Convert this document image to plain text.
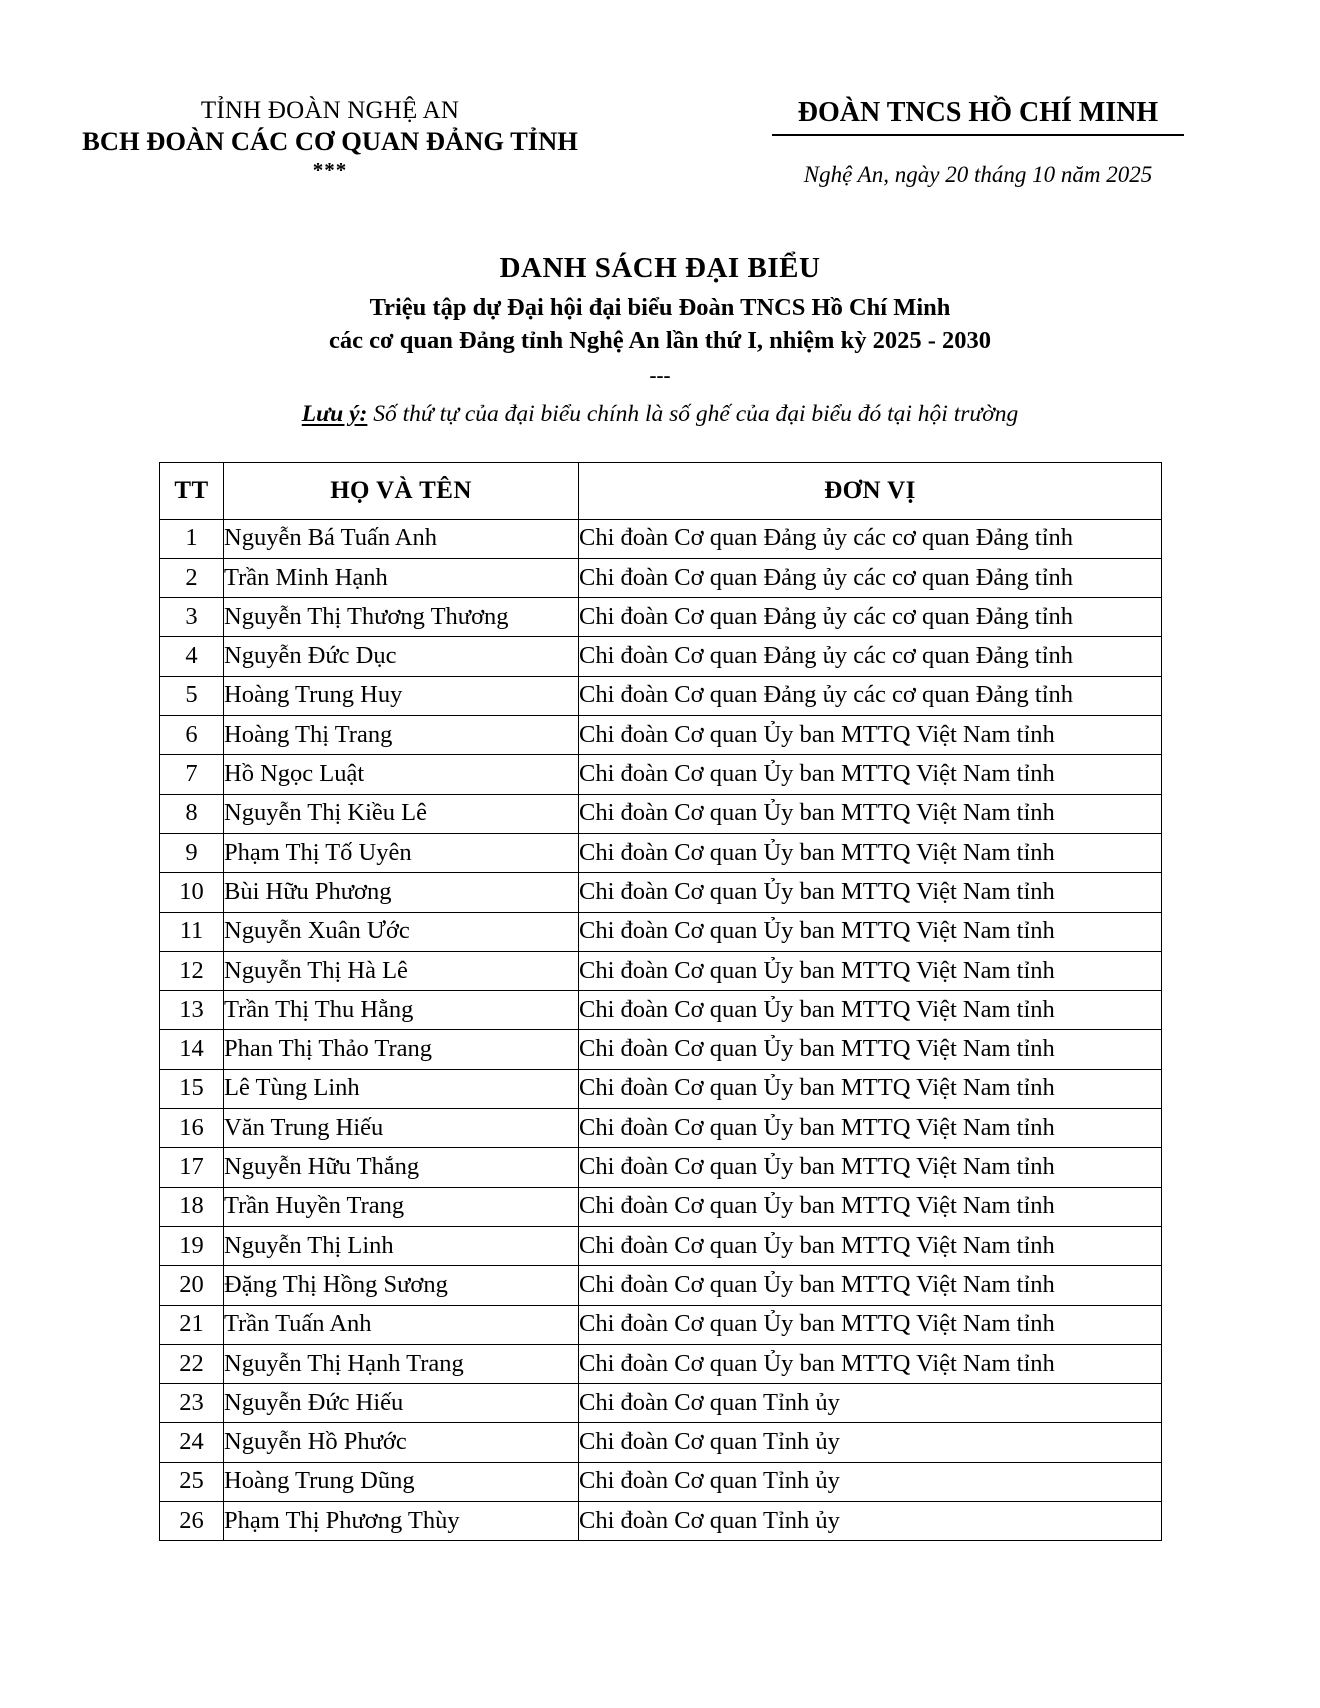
TỈNH ĐOÀN NGHỆ AN
BCH ĐOÀN CÁC CƠ QUAN ĐẢNG TỈNH
***
ĐOÀN TNCS HỒ CHÍ MINH
Nghệ An, ngày 20 tháng 10 năm 2025
DANH SÁCH ĐẠI BIỂU
Triệu tập dự Đại hội đại biểu Đoàn TNCS Hồ Chí Minh
các cơ quan Đảng tỉnh Nghệ An lần thứ I, nhiệm kỳ 2025 - 2030
---
Lưu ý: Số thứ tự của đại biểu chính là số ghế của đại biểu đó tại hội trường
TT	HỌ VÀ TÊN	ĐƠN VỊ
1	Nguyễn Bá Tuấn Anh	Chi đoàn Cơ quan Đảng ủy các cơ quan Đảng tỉnh
2	Trần Minh Hạnh	Chi đoàn Cơ quan Đảng ủy các cơ quan Đảng tỉnh
3	Nguyễn Thị Thương Thương	Chi đoàn Cơ quan Đảng ủy các cơ quan Đảng tỉnh
4	Nguyễn Đức Dục	Chi đoàn Cơ quan Đảng ủy các cơ quan Đảng tỉnh
5	Hoàng Trung Huy	Chi đoàn Cơ quan Đảng ủy các cơ quan Đảng tỉnh
6	Hoàng Thị Trang	Chi đoàn Cơ quan Ủy ban MTTQ Việt Nam tỉnh
7	Hồ Ngọc Luật	Chi đoàn Cơ quan Ủy ban MTTQ Việt Nam tỉnh
8	Nguyễn Thị Kiều Lê	Chi đoàn Cơ quan Ủy ban MTTQ Việt Nam tỉnh
9	Phạm Thị Tố Uyên	Chi đoàn Cơ quan Ủy ban MTTQ Việt Nam tỉnh
10	Bùi Hữu Phương	Chi đoàn Cơ quan Ủy ban MTTQ Việt Nam tỉnh
11	Nguyễn Xuân Ước	Chi đoàn Cơ quan Ủy ban MTTQ Việt Nam tỉnh
12	Nguyễn Thị Hà Lê	Chi đoàn Cơ quan Ủy ban MTTQ Việt Nam tỉnh
13	Trần Thị Thu Hằng	Chi đoàn Cơ quan Ủy ban MTTQ Việt Nam tỉnh
14	Phan Thị Thảo Trang	Chi đoàn Cơ quan Ủy ban MTTQ Việt Nam tỉnh
15	Lê Tùng Linh	Chi đoàn Cơ quan Ủy ban MTTQ Việt Nam tỉnh
16	Văn Trung Hiếu	Chi đoàn Cơ quan Ủy ban MTTQ Việt Nam tỉnh
17	Nguyễn Hữu Thắng	Chi đoàn Cơ quan Ủy ban MTTQ Việt Nam tỉnh
18	Trần Huyền Trang	Chi đoàn Cơ quan Ủy ban MTTQ Việt Nam tỉnh
19	Nguyễn Thị Linh	Chi đoàn Cơ quan Ủy ban MTTQ Việt Nam tỉnh
20	Đặng Thị Hồng Sương	Chi đoàn Cơ quan Ủy ban MTTQ Việt Nam tỉnh
21	Trần Tuấn Anh	Chi đoàn Cơ quan Ủy ban MTTQ Việt Nam tỉnh
22	Nguyễn Thị Hạnh Trang	Chi đoàn Cơ quan Ủy ban MTTQ Việt Nam tỉnh
23	Nguyễn Đức Hiếu	Chi đoàn Cơ quan Tỉnh ủy
24	Nguyễn Hồ Phước	Chi đoàn Cơ quan Tỉnh ủy
25	Hoàng Trung Dũng	Chi đoàn Cơ quan Tỉnh ủy
26	Phạm Thị Phương Thùy	Chi đoàn Cơ quan Tỉnh ủy
